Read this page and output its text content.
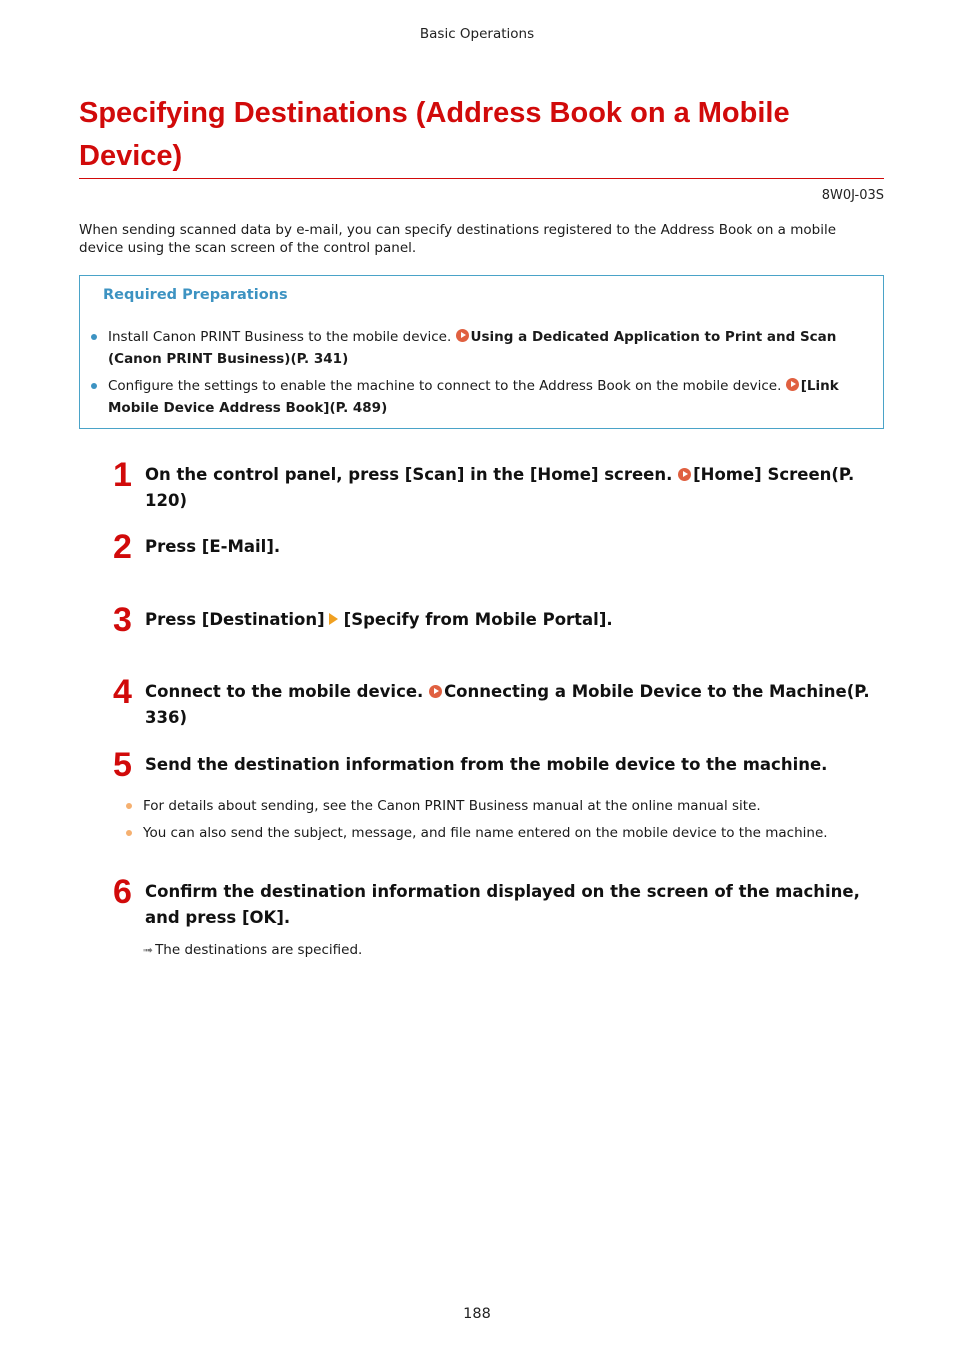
Basic Operations
Specifying Destinations (Address Book on a Mobile Device)
8W0J-03S
When sending scanned data by e-mail, you can specify destinations registered to the Address Book on a mobile device using the scan screen of the control panel.
Required Preparations
Install Canon PRINT Business to the mobile device. Using a Dedicated Application to Print and Scan (Canon PRINT Business)(P. 341)
Configure the settings to enable the machine to connect to the Address Book on the mobile device. [Link Mobile Device Address Book](P. 489)
1 On the control panel, press [Scan] in the [Home] screen. [Home] Screen(P. 120)
2 Press [E-Mail].
3 Press [Destination] [Specify from Mobile Portal].
4 Connect to the mobile device. Connecting a Mobile Device to the Machine(P. 336)
5 Send the destination information from the mobile device to the machine.
For details about sending, see the Canon PRINT Business manual at the online manual site.
You can also send the subject, message, and file name entered on the mobile device to the machine.
6 Confirm the destination information displayed on the screen of the machine, and press [OK].
➟ The destinations are specified.
188
